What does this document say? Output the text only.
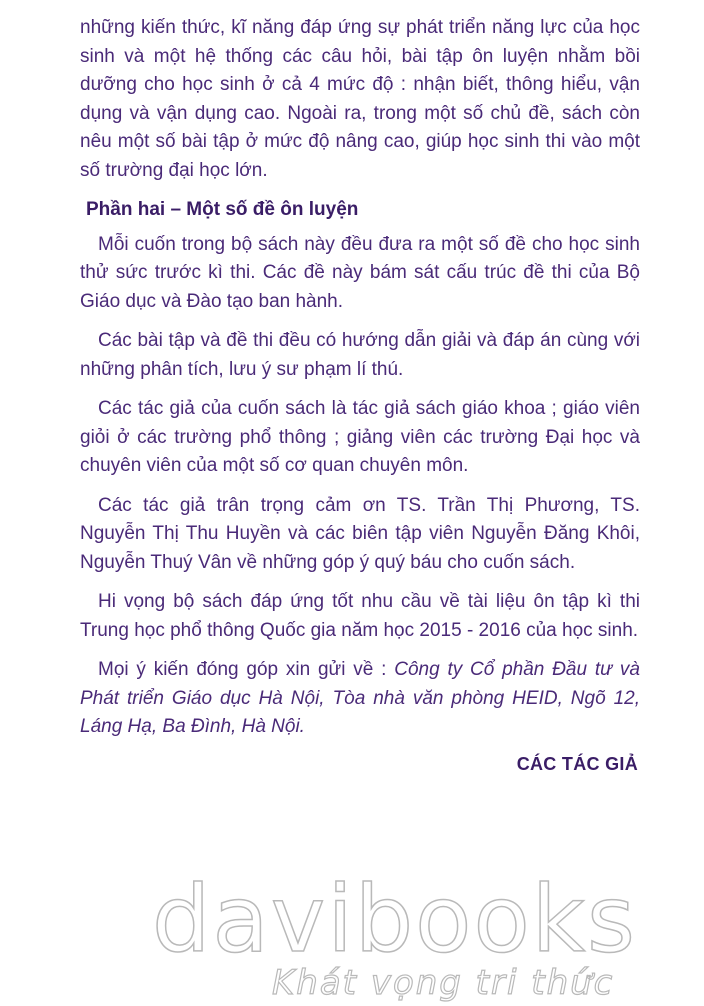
những kiến thức, kĩ năng đáp ứng sự phát triển năng lực của học sinh và một hệ thống các câu hỏi, bài tập ôn luyện nhằm bồi dưỡng cho học sinh ở cả 4 mức độ : nhận biết, thông hiểu, vận dụng và vận dụng cao. Ngoài ra, trong một số chủ đề, sách còn nêu một số bài tập ở mức độ nâng cao, giúp học sinh thi vào một số trường đại học lớn.

Phần hai – Một số đề ôn luyện

Mỗi cuốn trong bộ sách này đều đưa ra một số đề cho học sinh thử sức trước kì thi. Các đề này bám sát cấu trúc đề thi của Bộ Giáo dục và Đào tạo ban hành.

Các bài tập và đề thi đều có hướng dẫn giải và đáp án cùng với những phân tích, lưu ý sư phạm lí thú.

Các tác giả của cuốn sách là tác giả sách giáo khoa ; giáo viên giỏi ở các trường phổ thông ; giảng viên các trường Đại học và chuyên viên của một số cơ quan chuyên môn.

Các tác giả trân trọng cảm ơn TS. Trần Thị Phương, TS. Nguyễn Thị Thu Huyền và các biên tập viên Nguyễn Đăng Khôi, Nguyễn Thuý Vân về những góp ý quý báu cho cuốn sách.

Hi vọng bộ sách đáp ứng tốt nhu cầu về tài liệu ôn tập kì thi Trung học phổ thông Quốc gia năm học 2015 - 2016 của học sinh.

Mọi ý kiến đóng góp xin gửi về : Công ty Cổ phần Đầu tư và Phát triển Giáo dục Hà Nội, Tòa nhà văn phòng HEID, Ngõ 12, Láng Hạ, Ba Đình, Hà Nội.

CÁC TÁC GIẢ
davibooks
Khát vọng tri thức
